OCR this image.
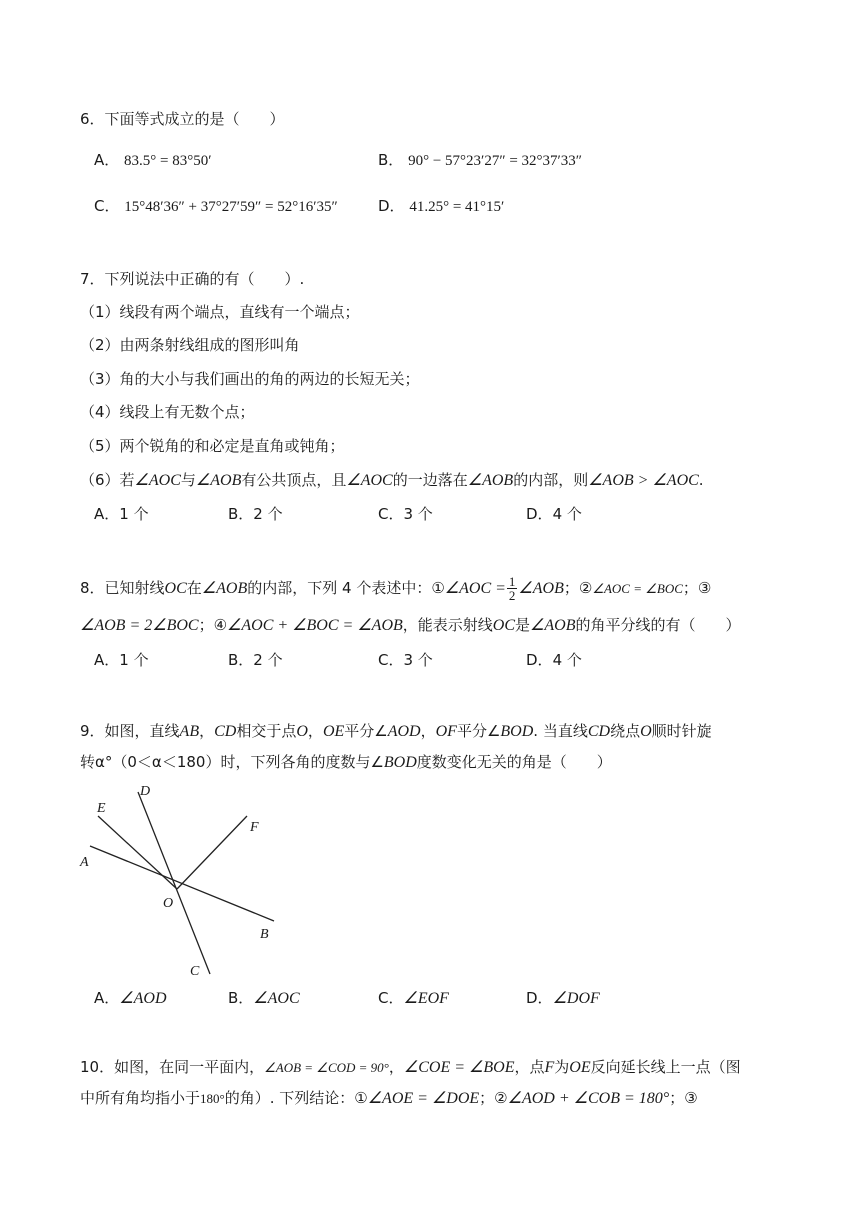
6．下面等式成立的是（　　）
A． 83.5° = 83°50′	B． 90° − 57°23′27″ = 32°37′33″
C． 15°48′36″ + 37°27′59″ = 52°16′35″	D． 41.25° = 41°15′
7．下列说法中正确的有（　　）.
（1）线段有两个端点，直线有一个端点；
（2）由两条射线组成的图形叫角
（3）角的大小与我们画出的角的两边的长短无关；
（4）线段上有无数个点；
（5）两个锐角的和必定是直角或钝角；
（6）若∠AOC与∠AOB有公共顶点，且∠AOC的一边落在∠AOB的内部，则∠AOB > ∠AOC.
A．1 个	B．2 个	C．3 个	D．4 个
8．已知射线OC在∠AOB的内部，下列 4 个表述中：①∠AOC = $\frac{1}{2}$ ∠AOB；②∠AOC = ∠BOC；③
∠AOB = 2∠BOC；④∠AOC + ∠BOC = ∠AOB，能表示射线OC是∠AOB的角平分线的有（　　）
A．1 个	B．2 个	C．3 个	D．4 个
9．如图，直线AB，CD相交于点O，OE平分∠AOD，OF平分∠BOD. 当直线CD绕点O顺时针旋
转α°（0＜α＜180）时，下列各角的度数与∠BOD度数变化无关的角是（　　）
D
E
F
A
O
B
C
A．∠AOD	B．∠AOC	C．∠EOF	D．∠DOF
10．如图，在同一平面内，∠AOB = ∠COD = 90°，∠COE = ∠BOE，点F为OE反向延长线上一点（图
中所有角均指小于180°的角）. 下列结论：①∠AOE = ∠DOE；②∠AOD + ∠COB = 180°；③
